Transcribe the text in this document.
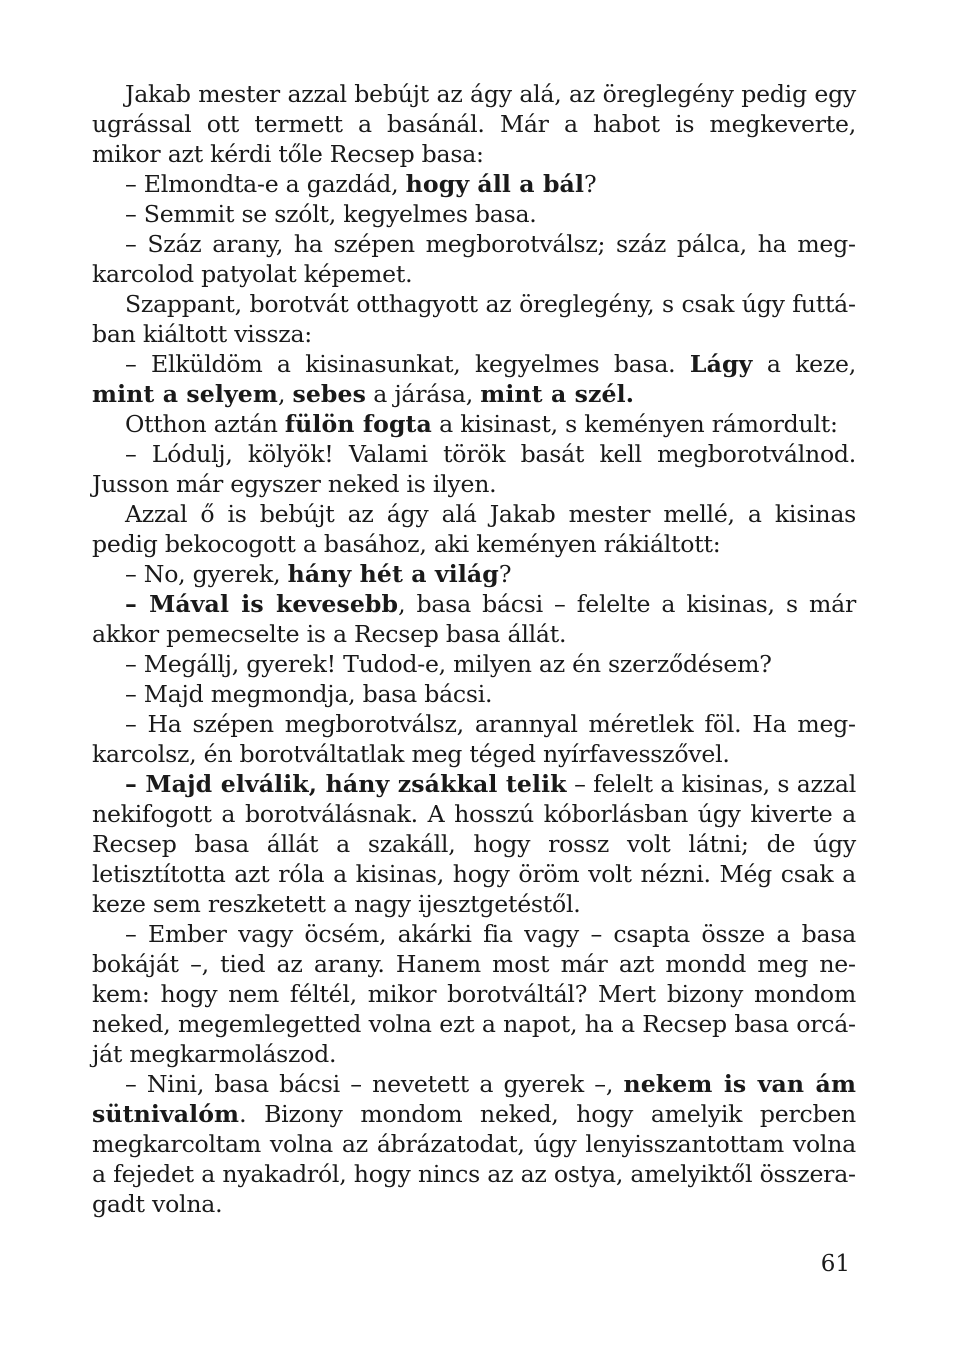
Jakab mester azzal bebújt az ágy alá, az öreglegény pedig egy ugrással ott termett a basánál. Már a habot is megkeverte, mikor azt kérdi tőle Recsep basa:

– Elmondta-e a gazdád, hogy áll a bál?

– Semmit se szólt, kegyelmes basa.

– Száz arany, ha szépen megborotválsz; száz pálca, ha megkarcolod patyolat képemet.

Szappant, borotvát otthagyott az öreglegény, s csak úgy futtában kiáltott vissza:

– Elküldöm a kisinasunkat, kegyelmes basa. Lágy a keze, mint a selyem, sebes a járása, mint a szél.

Otthon aztán fülön fogta a kisinast, s keményen rámordult:

– Lódulj, kölyök! Valami török basát kell megborotválnod. Jusson már egyszer neked is ilyen.

Azzal ő is bebújt az ágy alá Jakab mester mellé, a kisinas pedig bekocogott a basához, aki keményen rákiáltott:

– No, gyerek, hány hét a világ?

– Mával is kevesebb, basa bácsi – felelte a kisinas, s már akkor pemecselte is a Recsep basa állát.

– Megállj, gyerek! Tudod-e, milyen az én szerződésem?

– Majd megmondja, basa bácsi.

– Ha szépen megborotválsz, arannyal méretlek föl. Ha megkarcolsz, én borotváltatlak meg téged nyírfavesszővel.

– Majd elválik, hány zsákkal telik – felelt a kisinas, s azzal nekifogott a borotválásnak. A hosszú kóborlásban úgy kiverte a Recsep basa állát a szakáll, hogy rossz volt látni; de úgy letisztította azt róla a kisinas, hogy öröm volt nézni. Még csak a keze sem reszketett a nagy ijesztgetéstől.

– Ember vagy öcsém, akárki fia vagy – csapta össze a basa bokáját –, tied az arany. Hanem most már azt mondd meg nekem: hogy nem féltél, mikor borotváltál? Mert bizony mondom neked, megemlegetted volna ezt a napot, ha a Recsep basa orcáját megkarmolászod.

– Nini, basa bácsi – nevetett a gyerek –, nekem is van ám sütnivalóm. Bizony mondom neked, hogy amelyik percben megkarcoltam volna az ábrázatodat, úgy lenyisszantottam volna a fejedet a nyakadról, hogy nincs az az ostya, amelyiktől összeragadt volna.

61
